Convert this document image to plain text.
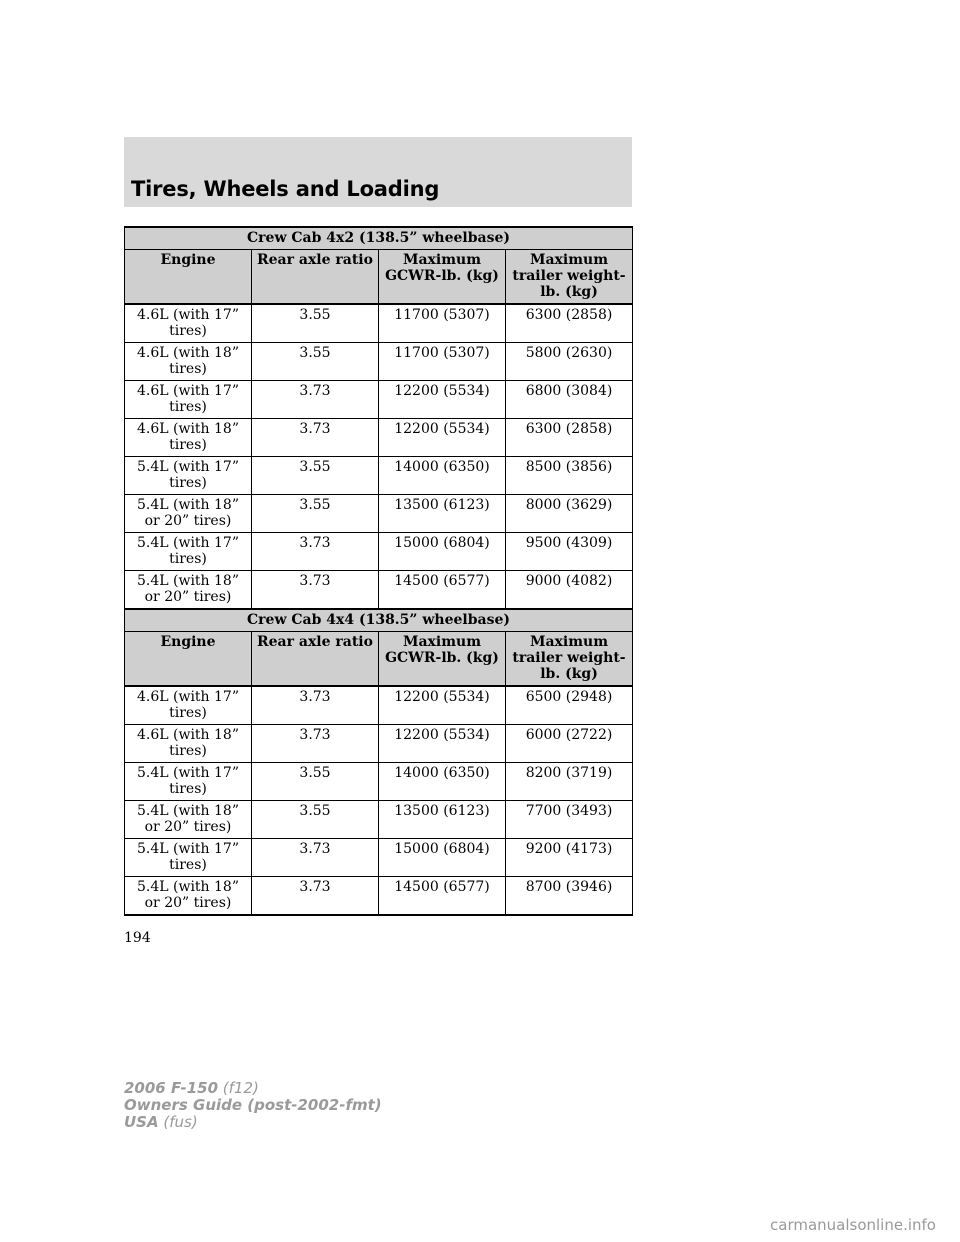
Tires, Wheels and Loading
Crew Cab 4x2 (138.5” wheelbase)			
Engine	Rear axle ratio	Maximum GCWR-lb. (kg)	Maximum trailer weight-lb. (kg)
4.6L (with 17” tires)	3.55	11700 (5307)	6300 (2858)
4.6L (with 18” tires)	3.55	11700 (5307)	5800 (2630)
4.6L (with 17” tires)	3.73	12200 (5534)	6800 (3084)
4.6L (with 18” tires)	3.73	12200 (5534)	6300 (2858)
5.4L (with 17” tires)	3.55	14000 (6350)	8500 (3856)
5.4L (with 18” or 20” tires)	3.55	13500 (6123)	8000 (3629)
5.4L (with 17” tires)	3.73	15000 (6804)	9500 (4309)
5.4L (with 18” or 20” tires)	3.73	14500 (6577)	9000 (4082)
Crew Cab 4x4 (138.5” wheelbase)			
Engine	Rear axle ratio	Maximum GCWR-lb. (kg)	Maximum trailer weight-lb. (kg)
4.6L (with 17” tires)	3.73	12200 (5534)	6500 (2948)
4.6L (with 18” tires)	3.73	12200 (5534)	6000 (2722)
5.4L (with 17” tires)	3.55	14000 (6350)	8200 (3719)
5.4L (with 18” or 20” tires)	3.55	13500 (6123)	7700 (3493)
5.4L (with 17” tires)	3.73	15000 (6804)	9200 (4173)
5.4L (with 18” or 20” tires)	3.73	14500 (6577)	8700 (3946)
194
2006 F-150 (f12)
Owners Guide (post-2002-fmt)
USA (fus)
carmanualsonline.info
